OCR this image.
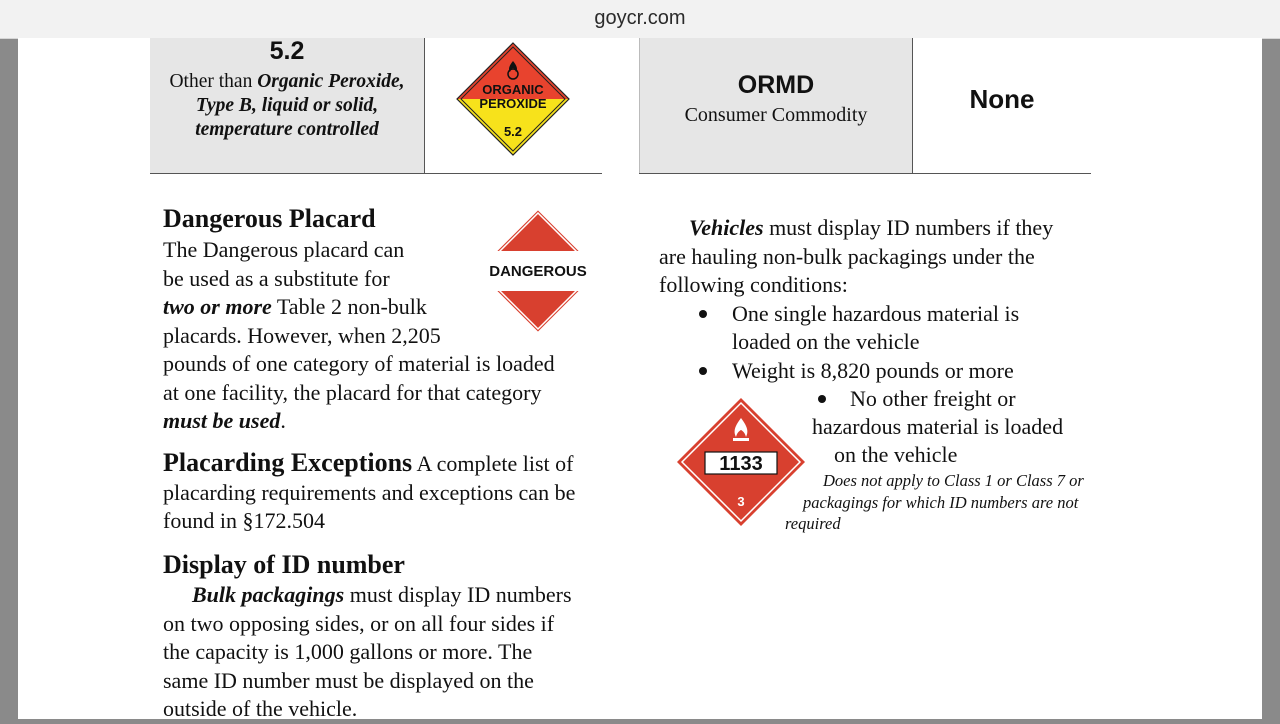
goycr.com
5.2
Other than Organic Peroxide,
Type B, liquid or solid,
temperature controlled
ORGANIC
PEROXIDE
5.2
ORMD
Consumer Commodity
None
Dangerous Placard
The Dangerous placard can
be used as a substitute for
two or more Table 2 non-bulk
placards. However, when 2,205
pounds of one category of material is loaded
at one facility, the placard for that category
must be used.
DANGEROUS
Placarding Exceptions A complete list of
placarding requirements and exceptions can be
found in §172.504
Display of ID number
Bulk packagings must display ID numbers
on two opposing sides, or on all four sides if
the capacity is 1,000 gallons or more. The
same ID number must be displayed on the
outside of the vehicle.
Vehicles must display ID numbers if they
are hauling non-bulk packagings under the
following conditions:
One single hazardous material is
loaded on the vehicle
Weight is 8,820 pounds or more
No other freight or
hazardous material is loaded
on the vehicle
Does not apply to Class 1 or Class 7 or
packagings for which ID numbers are not
required
1133
3
